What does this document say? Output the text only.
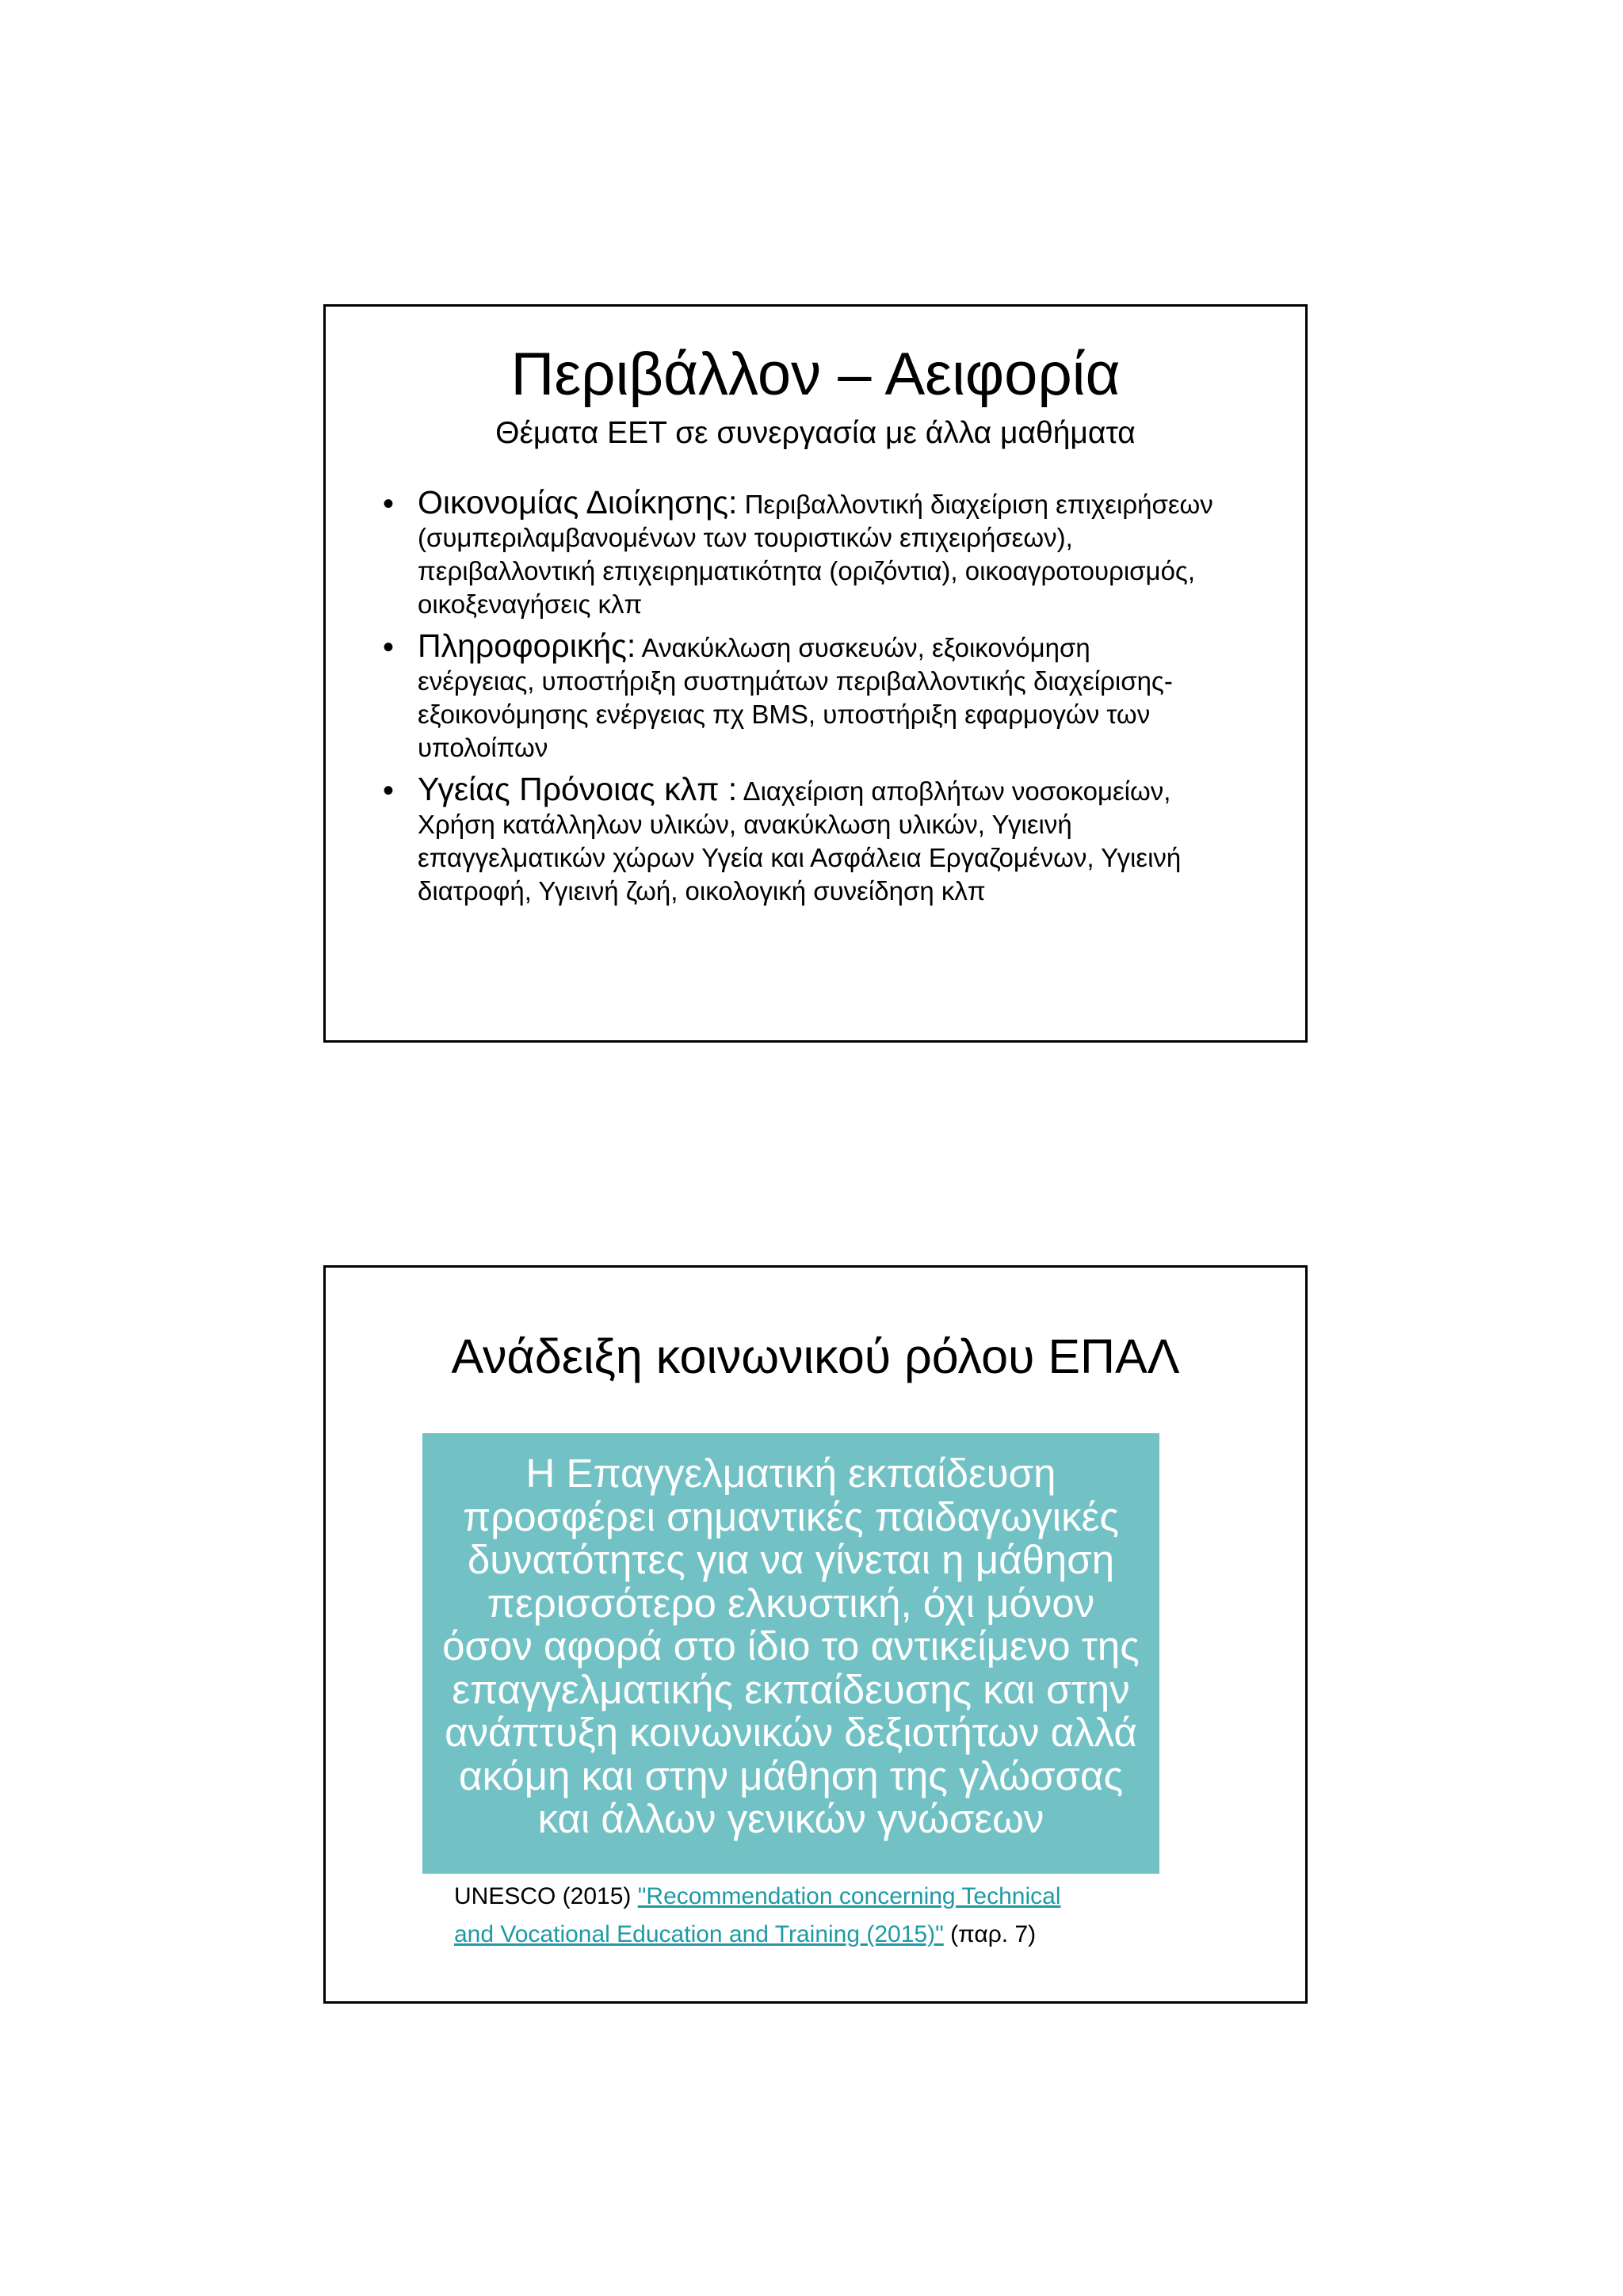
Περιβάλλον – Αειφορία
Θέματα ΕΕΤ σε συνεργασία με άλλα μαθήματα
• Οικονομίας Διοίκησης: Περιβαλλοντική διαχείριση επιχειρήσεων
(συμπεριλαμβανομένων των τουριστικών επιχειρήσεων),
περιβαλλοντική επιχειρηματικότητα (οριζόντια), οικοαγροτουρισμός,
οικοξεναγήσεις κλπ
• Πληροφορικής: Ανακύκλωση συσκευών, εξοικονόμηση
ενέργειας, υποστήριξη συστημάτων περιβαλλοντικής διαχείρισης-
εξοικονόμησης ενέργειας πχ BMS, υποστήριξη εφαρμογών των
υπολοίπων
• Υγείας Πρόνοιας κλπ : Διαχείριση αποβλήτων νοσοκομείων,
Χρήση κατάλληλων υλικών, ανακύκλωση υλικών, Υγιεινή
επαγγελματικών χώρων Υγεία και Ασφάλεια Εργαζομένων, Υγιεινή
διατροφή, Υγιεινή ζωή, οικολογική συνείδηση κλπ
Ανάδειξη κοινωνικού ρόλου ΕΠΑΛ
Η Επαγγελματική εκπαίδευση
προσφέρει σημαντικές παιδαγωγικές
δυνατότητες για να γίνεται η μάθηση
περισσότερο ελκυστική, όχι μόνον
όσον αφορά στο ίδιο το αντικείμενο της
επαγγελματικής εκπαίδευσης και στην
ανάπτυξη κοινωνικών δεξιοτήτων αλλά
ακόμη και στην μάθηση της γλώσσας
και άλλων γενικών γνώσεων
UNESCO (2015) "Recommendation concerning Technical
and Vocational Education and Training (2015)" (παρ. 7)
